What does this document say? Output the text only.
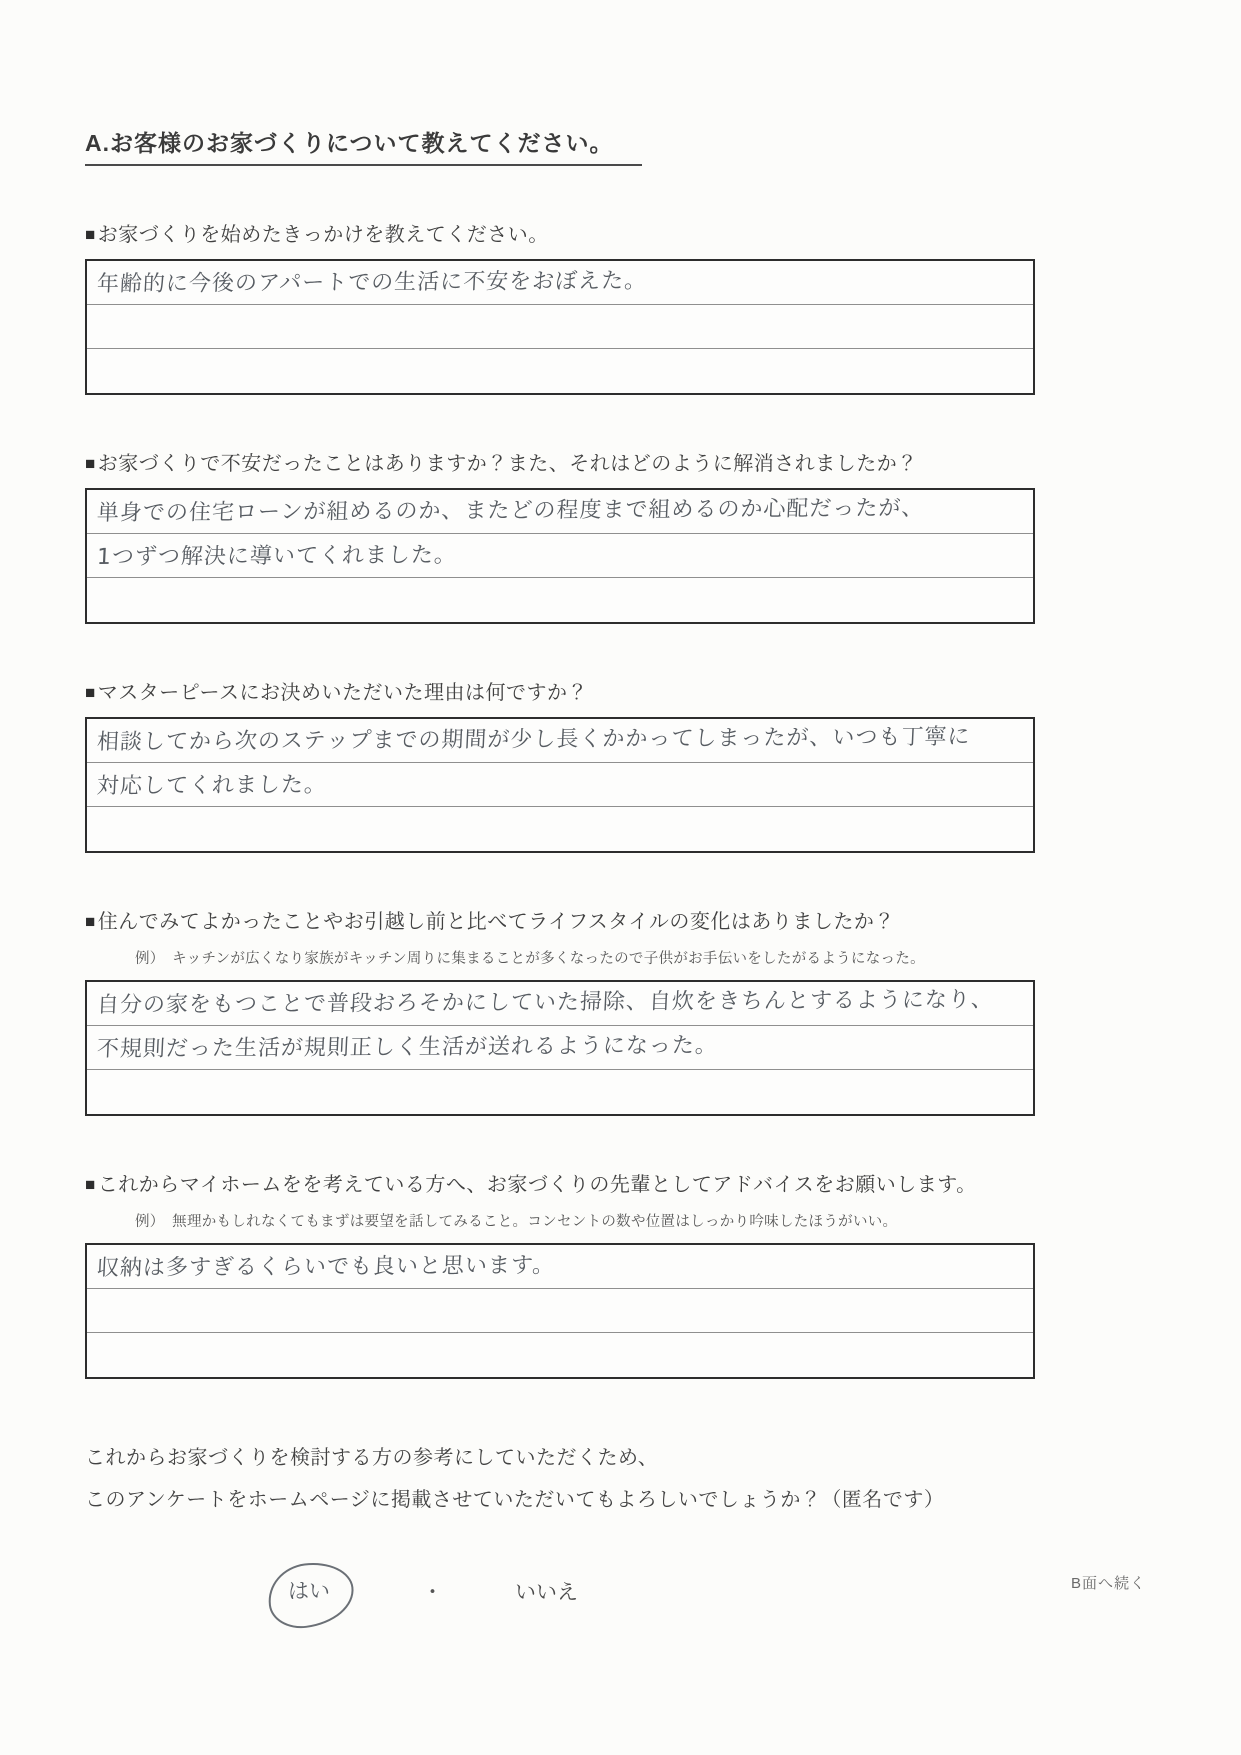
A.お客様のお家づくりについて教えてください。
■ お家づくりを始めたきっかけを教えてください。
年齢的に今後のアパートでの生活に不安をおぼえた。
■ お家づくりで不安だったことはありますか？また、それはどのように解消されましたか？
単身での住宅ローンが組めるのか、またどの程度まで組めるのか心配だったが、
1つずつ解決に導いてくれました。
■ マスターピースにお決めいただいた理由は何ですか？
相談してから次のステップまでの期間が少し長くかかってしまったが、いつも丁寧に
対応してくれました。
■ 住んでみてよかったことやお引越し前と比べてライフスタイルの変化はありましたか？
例）　キッチンが広くなり家族がキッチン周りに集まることが多くなったので子供がお手伝いをしたがるようになった。
自分の家をもつことで普段おろそかにしていた掃除、自炊をきちんとするようになり、
不規則だった生活が規則正しく生活が送れるようになった。
■ これからマイホームをを考えている方へ、お家づくりの先輩としてアドバイスをお願いします。
例）　無理かもしれなくてもまずは要望を話してみること。コンセントの数や位置はしっかり吟味したほうがいい。
収納は多すぎるくらいでも良いと思います。
これからお家づくりを検討する方の参考にしていただくため、
このアンケートをホームページに掲載させていただいてもよろしいでしょうか？（匿名です）
はい	・	いいえ	B面へ続く
